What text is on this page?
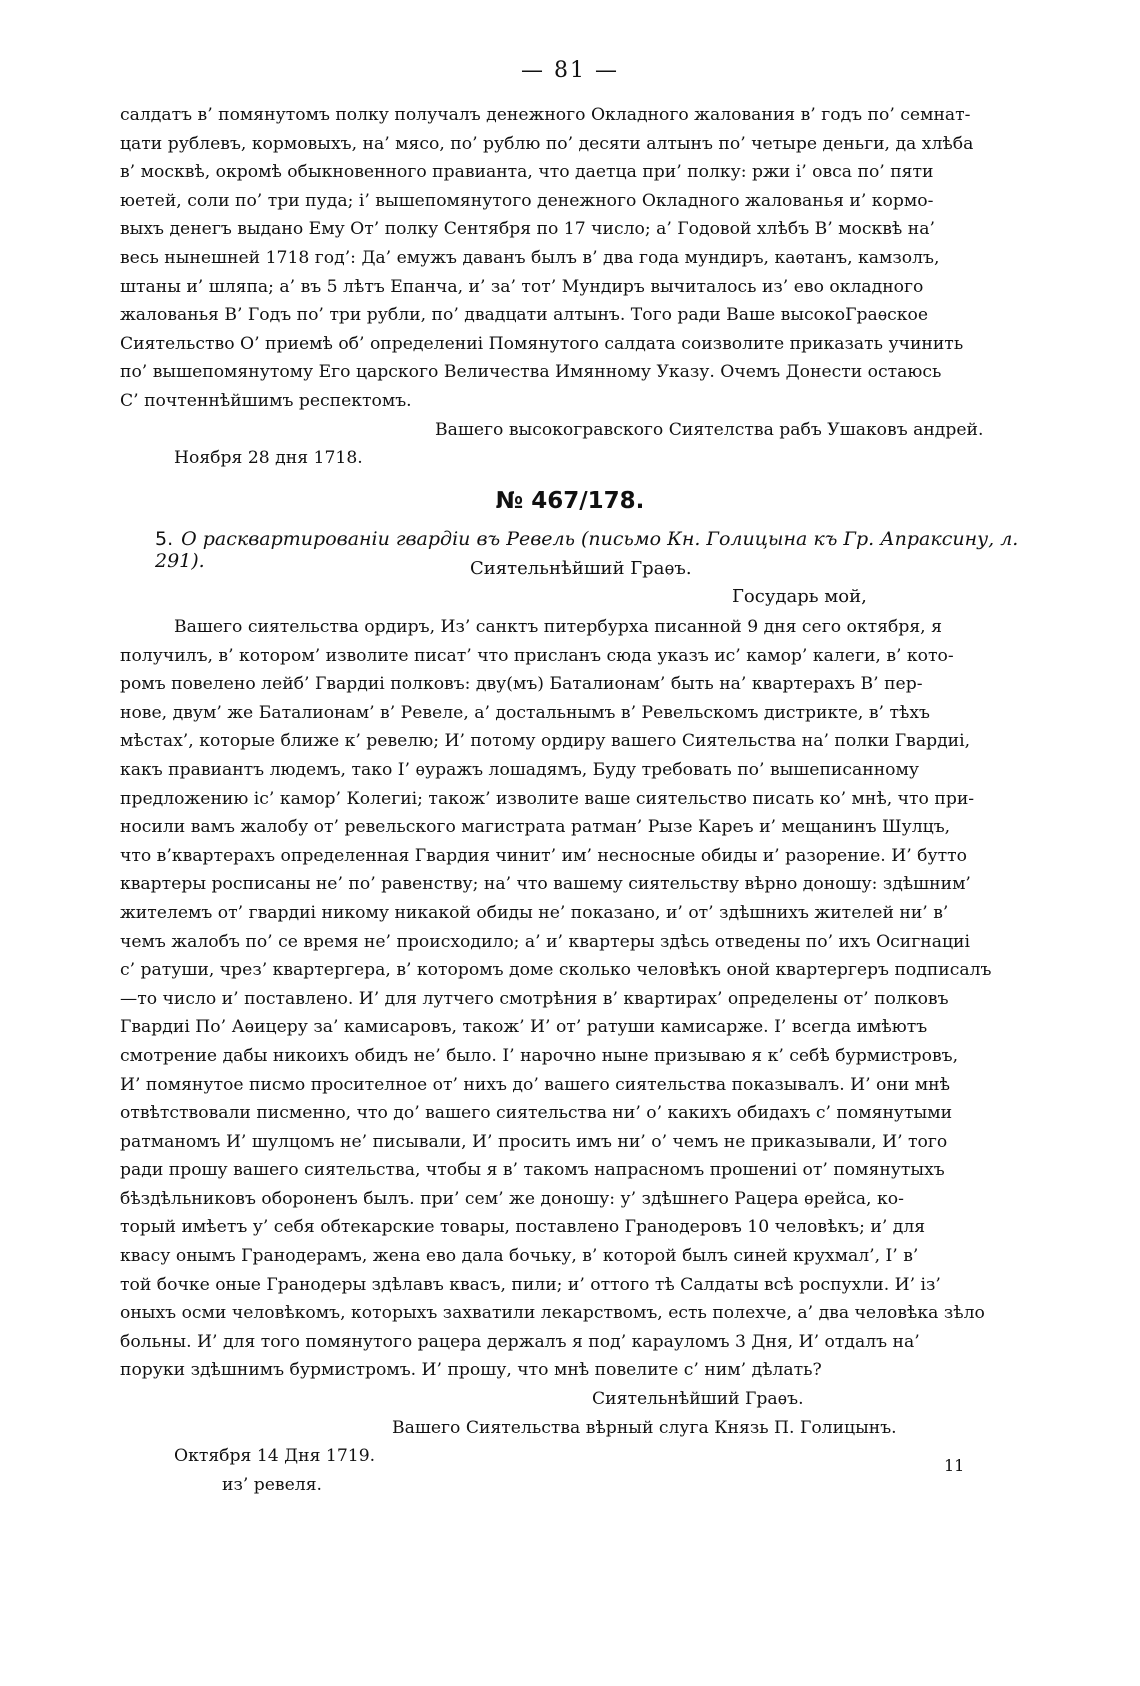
— 81 —
салдатъ в’ помянутомъ полку получалъ денежного Окладного жалования в’ годъ по’ семнат-
цати рублевъ, кормовыхъ, на’ мясо, по’ рублю по’ десяти алтынъ по’ четыре деньги, да хлѣба
в’ москвѣ, окромѣ обыкновенного правианта, что даетца при’ полку: ржи і’ овса по’ пяти
юетей, соли по’ три пуда; і’ вышепомянутого денежного Окладного жалованья и’ кормо-
выхъ денегъ выдано Ему От’ полку Сентября по 17 число; а’ Годовой хлѣбъ В’ москвѣ на’
весь нынешней 1718 год’: Да’ емужъ даванъ былъ в’ два года мундиръ, каѳтанъ, камзолъ,
штаны и’ шляпа; а’ въ 5 лѣтъ Епанча, и’ за’ тот’ Мундиръ вычиталось из’ ево окладного
жалованья В’ Годъ по’ три рубли, по’ двадцати алтынъ. Того ради Ваше высокоГраѳское
Сиятельство О’ приемѣ об’ определениі Помянутого салдата соизволите приказать учинить
по’ вышепомянутому Его царского Величества Имянному Указу. Очемъ Донести остаюсь
С’ почтеннѣйшимъ респектомъ.
Вашего высокогравского Сиятелства рабъ Ушаковъ андрей.
Ноября 28 дня 1718.
№ 467/178.
5. О расквартированіи гвардіи въ Ревель (письмо Кн. Голицына къ Гр. Апраксину, л. 291).	Сиятельнѣйший Граѳъ.
Государь мой,
Вашего сиятельства ордиръ, Из’ санктъ питербурха писанной 9 дня сего октября, я
получилъ, в’ котором’ изволите писат’ что присланъ сюда указъ ис’ камор’ калеги, в’ кото-
ромъ повелено лейб’ Гвардиі полковъ: дву(мъ) Баталионам’ быть на’ квартерахъ В’ пер-
нове, двум’ же Баталионам’ в’ Ревеле, а’ достальнымъ в’ Ревельскомъ дистрикте, в’ тѣхъ
мѣстах’, которые ближе к’ ревелю; И’ потому ордиру вашего Сиятельства на’ полки Гвардиі,
какъ правиантъ людемъ, тако І’ ѳуражъ лошадямъ, Буду требовать по’ вышеписанному
предложению іс’ камор’ Колегиі; також’ изволите ваше сиятельство писать ко’ мнѣ, что при-
носили вамъ жалобу от’ ревельского магистрата ратман’ Рызе Кареъ и’ мещанинъ Шулцъ,
что в’квартерахъ определенная Гвардия чинит’ им’ несносные обиды и’ разорение. И’ бутто
квартеры росписаны не’ по’ равенству; на’ что вашему сиятельству вѣрно доношу: здѣшним’
жителемъ от’ гвардиі никому никакой обиды не’ показано, и’ от’ здѣшнихъ жителей ни’ в’
чемъ жалобъ по’ се время не’ происходило; а’ и’ квартеры здѣсь отведены по’ ихъ Осигнациі
с’ ратуши, чрез’ квартергера, в’ которомъ доме сколько человѣкъ оной квартергеръ подписалъ
—то число и’ поставлено. И’ для лутчего смотрѣния в’ квартирах’ определены от’ полковъ
Гвардиі По’ Аѳицеру за’ камисаровъ, також’ И’ от’ ратуши камисарже. І’ всегда имѣютъ
смотрение дабы никоихъ обидъ не’ было. І’ нарочно ныне призываю я к’ себѣ бурмистровъ,
И’ помянутое писмо просителное от’ нихъ до’ вашего сиятельства показывалъ. И’ они мнѣ
отвѣтствовали писменно, что до’ вашего сиятельства ни’ о’ какихъ обидахъ с’ помянутыми
ратманомъ И’ шулцомъ не’ писывали, И’ просить имъ ни’ о’ чемъ не приказывали, И’ того
ради прошу вашего сиятельства, чтобы я в’ такомъ напрасномъ прошениі от’ помянутыхъ
бѣздѣльниковъ обороненъ былъ. при’ сем’ же доношу: у’ здѣшнего Рацера ѳрейса, ко-
торый имѣетъ у’ себя обтекарские товары, поставлено Гранодеровъ 10 человѣкъ; и’ для
квасу онымъ Гранодерамъ, жена ево дала бочьку, в’ которой былъ синей крухмал’, І’ в’
той бочке оные Гранодеры здѣлавъ квасъ, пили; и’ оттого тѣ Салдаты всѣ роспухли. И’ із’
оныхъ осми человѣкомъ, которыхъ захватили лекарствомъ, есть полехче, а’ два человѣка зѣло
больны. И’ для того помянутого рацера держалъ я под’ карауломъ 3 Дня, И’ отдалъ на’
поруки здѣшнимъ бурмистромъ. И’ прошу, что мнѣ повелите с’ ним’ дѣлать?
Сиятельнѣйший Граѳъ.
Вашего Сиятельства вѣрный слуга Князь П. Голицынъ.
Октября 14 Дня 1719.
из’ ревеля.
11
